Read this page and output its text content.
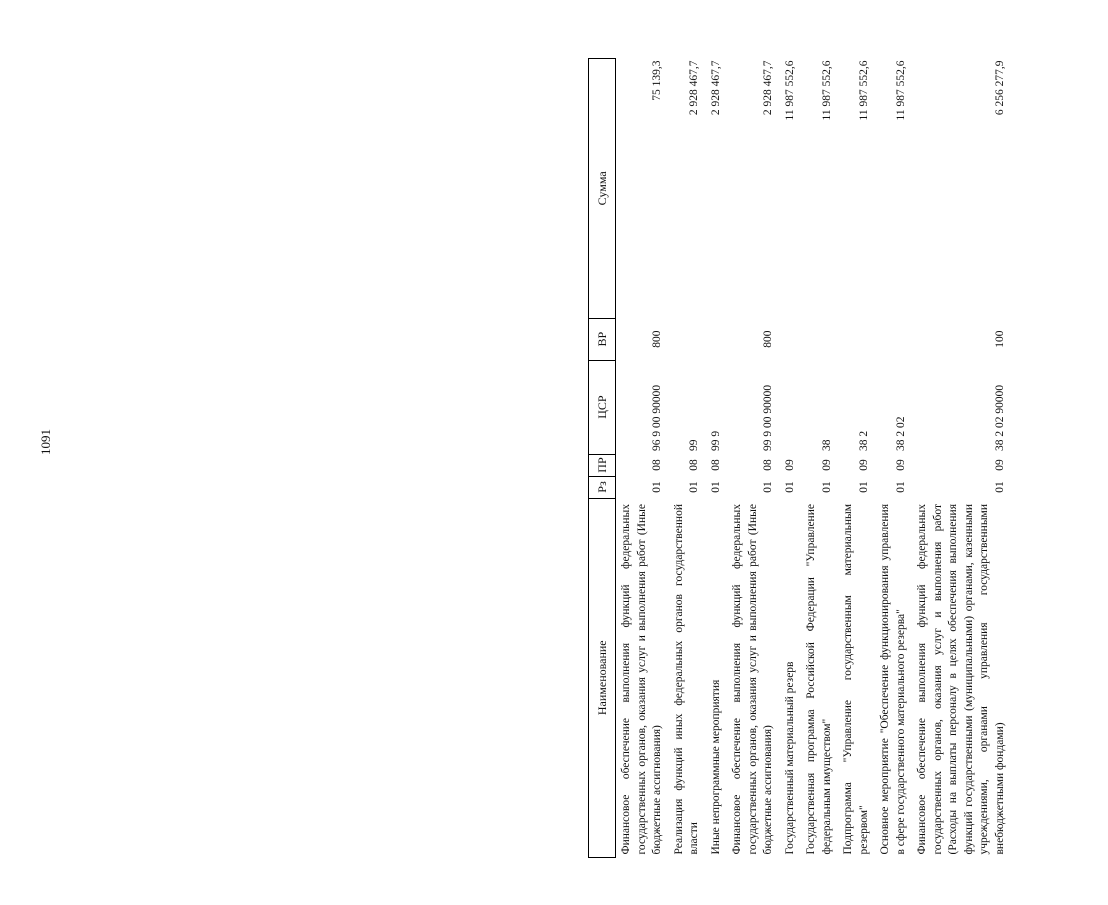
1091
Наименование	Рз	ПР	ЦСР	ВР	Сумма
Финансовое обеспечение выполнения функций федеральных государственных органов, оказания услуг и выполнения работ (Иные бюджетные ассигнования)	01	08	96 9 00 90000	800	75 139,3
Реализация функций иных федеральных органов государственной власти	01	08	99		2 928 467,7
Иные непрограммные мероприятия	01	08	99 9		2 928 467,7
Финансовое обеспечение выполнения функций федеральных государственных органов, оказания услуг и выполнения работ (Иные бюджетные ассигнования)	01	08	99 9 00 90000	800	2 928 467,7
Государственный материальный резерв	01	09			11 987 552,6
Государственная программа Российской Федерации "Управление федеральным имуществом"	01	09	38		11 987 552,6
Подпрограмма "Управление государственным материальным резервом"	01	09	38 2		11 987 552,6
Основное мероприятие "Обеспечение функционирования управления в сфере государственного материального резерва"	01	09	38 2 02		11 987 552,6
Финансовое обеспечение выполнения функций федеральных государственных органов, оказания услуг и выполнения работ (Расходы на выплаты персоналу в целях обеспечения выполнения функций государственными (муниципальными) органами, казенными учреждениями, органами управления государственными внебюджетными фондами)	01	09	38 2 02 90000	100	6 256 277,9
